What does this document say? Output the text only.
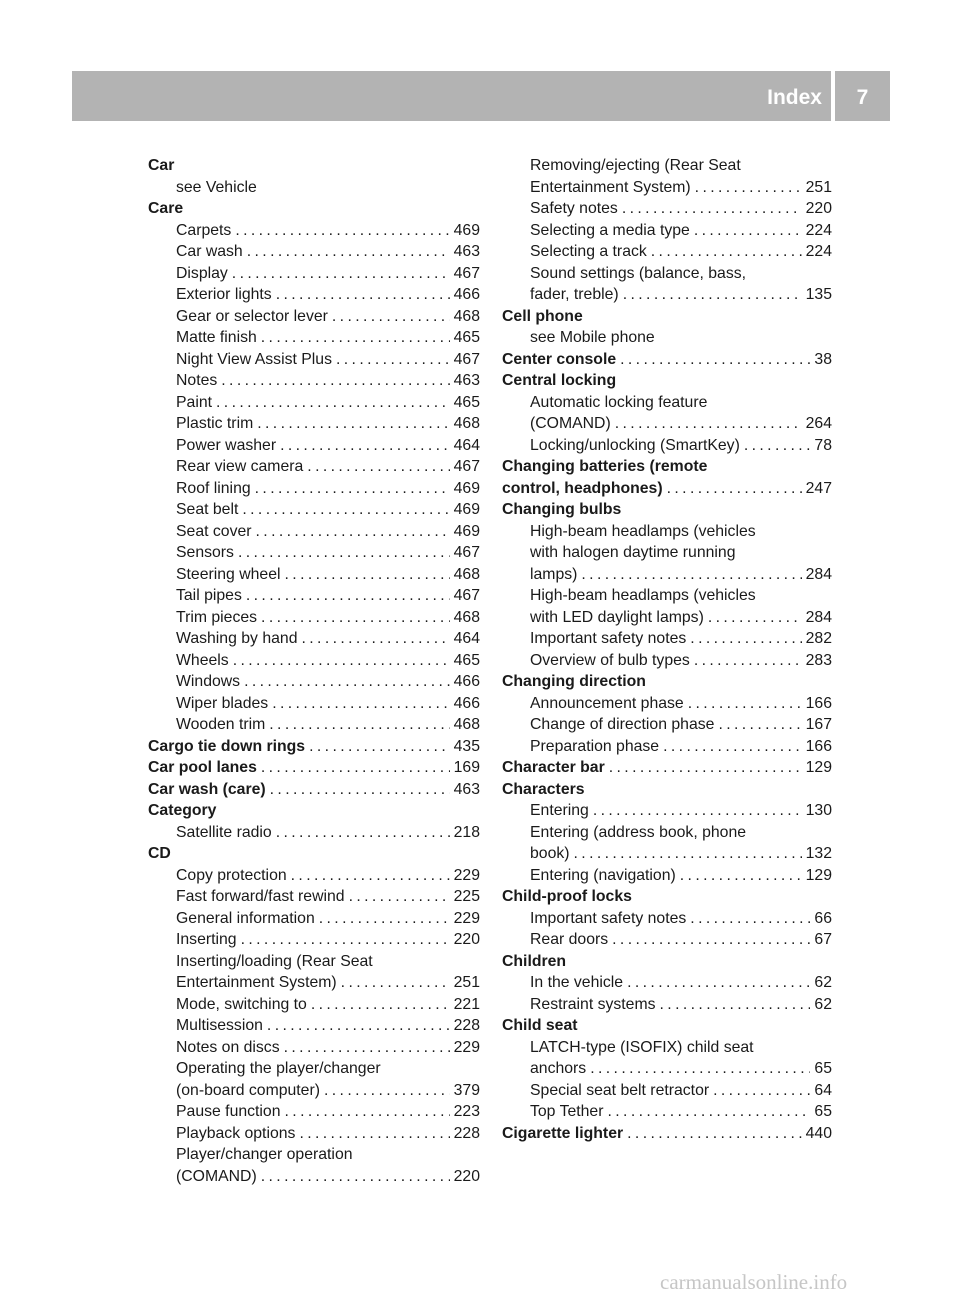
Index	7
Car
see Vehicle
Care
Carpets . . .	469
Car wash . . .	463
Display . . .	467
Exterior lights . . .	466
Gear or selector lever . . .	468
Matte finish . . .	465
Night View Assist Plus . . .	467
Notes . . .	463
Paint . . .	465
Plastic trim . . .	468
Power washer . . .	464
Rear view camera . . .	467
Roof lining . . .	469
Seat belt . . .	469
Seat cover . . .	469
Sensors . . .	467
Steering wheel . . .	468
Tail pipes . . .	467
Trim pieces . . .	468
Washing by hand . . .	464
Wheels . . .	465
Windows . . .	466
Wiper blades . . .	466
Wooden trim . . .	468
Cargo tie down rings . . .	435
Car pool lanes . . .	169
Car wash (care) . . .	463
Category
Satellite radio . . .	218
CD
Copy protection . . .	229
Fast forward/fast rewind . . .	225
General information . . .	229
Inserting . . .	220
Inserting/loading (Rear Seat
Entertainment System) . . .	251
Mode, switching to . . .	221
Multisession . . .	228
Notes on discs . . .	229
Operating the player/changer
(on-board computer) . . .	379
Pause function . . .	223
Playback options . . .	228
Player/changer operation
(COMAND) . . .	220
Removing/ejecting (Rear Seat
Entertainment System) . . .	251
Safety notes . . .	220
Selecting a media type . . .	224
Selecting a track . . .	224
Sound settings (balance, bass,
fader, treble) . . .	135
Cell phone
see Mobile phone
Center console . . .	38
Central locking
Automatic locking feature
(COMAND) . . .	264
Locking/unlocking (SmartKey) . . .	78
Changing batteries (remote
control, headphones) . . .	247
Changing bulbs
High-beam headlamps (vehicles
with halogen daytime running
lamps) . . .	284
High-beam headlamps (vehicles
with LED daylight lamps) . . .	284
Important safety notes . . .	282
Overview of bulb types . . .	283
Changing direction
Announcement phase . . .	166
Change of direction phase . . .	167
Preparation phase . . .	166
Character bar . . .	129
Characters
Entering . . .	130
Entering (address book, phone
book) . . .	132
Entering (navigation) . . .	129
Child-proof locks
Important safety notes . . .	66
Rear doors . . .	67
Children
In the vehicle . . .	62
Restraint systems . . .	62
Child seat
LATCH-type (ISOFIX) child seat
anchors . . .	65
Special seat belt retractor . . .	64
Top Tether . . .	65
Cigarette lighter . . .	440
carmanualsonline.info
